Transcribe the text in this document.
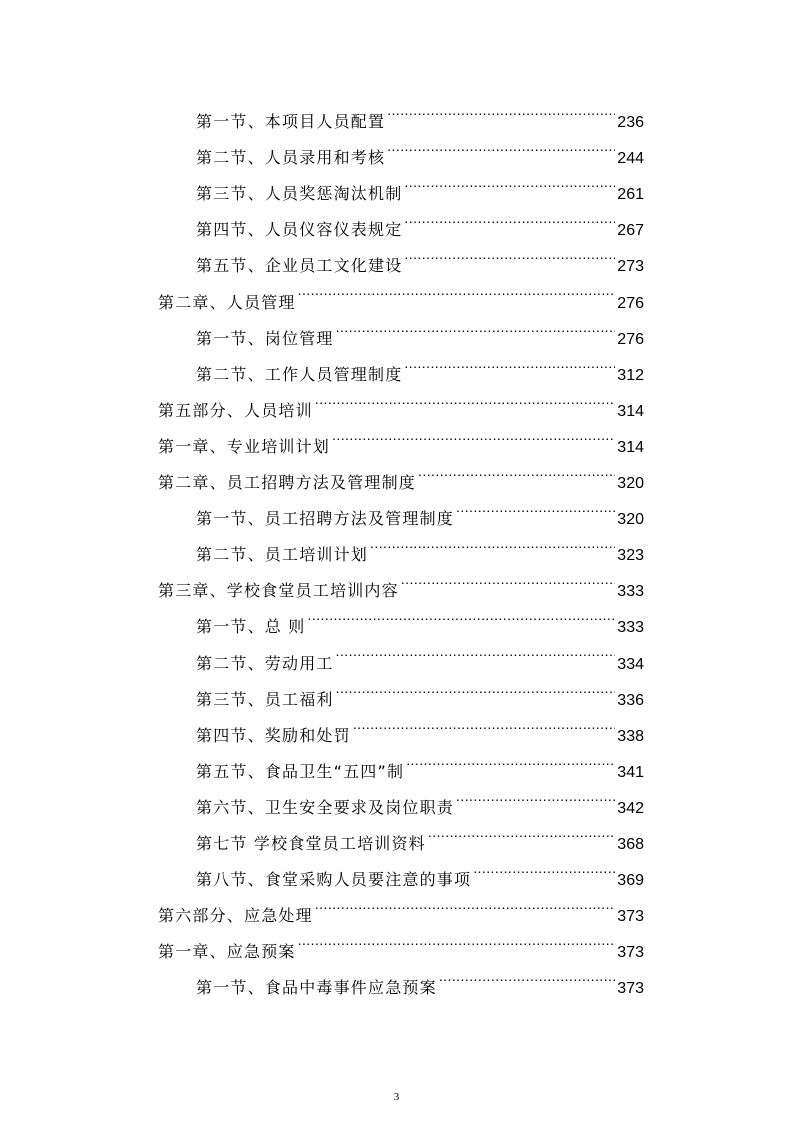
第一节、本项目人员配置 .....	236
第二节、人员录用和考核 .....	244
第三节、人员奖惩淘汰机制 .....	261
第四节、人员仪容仪表规定 .....	267
第五节、企业员工文化建设 .....	273
第二章、人员管理 .....	276
第一节、岗位管理 .....	276
第二节、工作人员管理制度 .....	312
第五部分、人员培训 .....	314
第一章、专业培训计划 .....	314
第二章、员工招聘方法及管理制度 .....	320
第一节、员工招聘方法及管理制度 .....	320
第二节、员工培训计划 .....	323
第三章、学校食堂员工培训内容 .....	333
第一节、总 则 .....	333
第二节、劳动用工 .....	334
第三节、员工福利 .....	336
第四节、奖励和处罚 .....	338
第五节、食品卫生“五四”制 .....	341
第六节、卫生安全要求及岗位职责 .....	342
第七节 学校食堂员工培训资料 .....	368
第八节、食堂采购人员要注意的事项 .....	369
第六部分、应急处理 .....	373
第一章、应急预案 .....	373
第一节、食品中毒事件应急预案 .....	373
3
